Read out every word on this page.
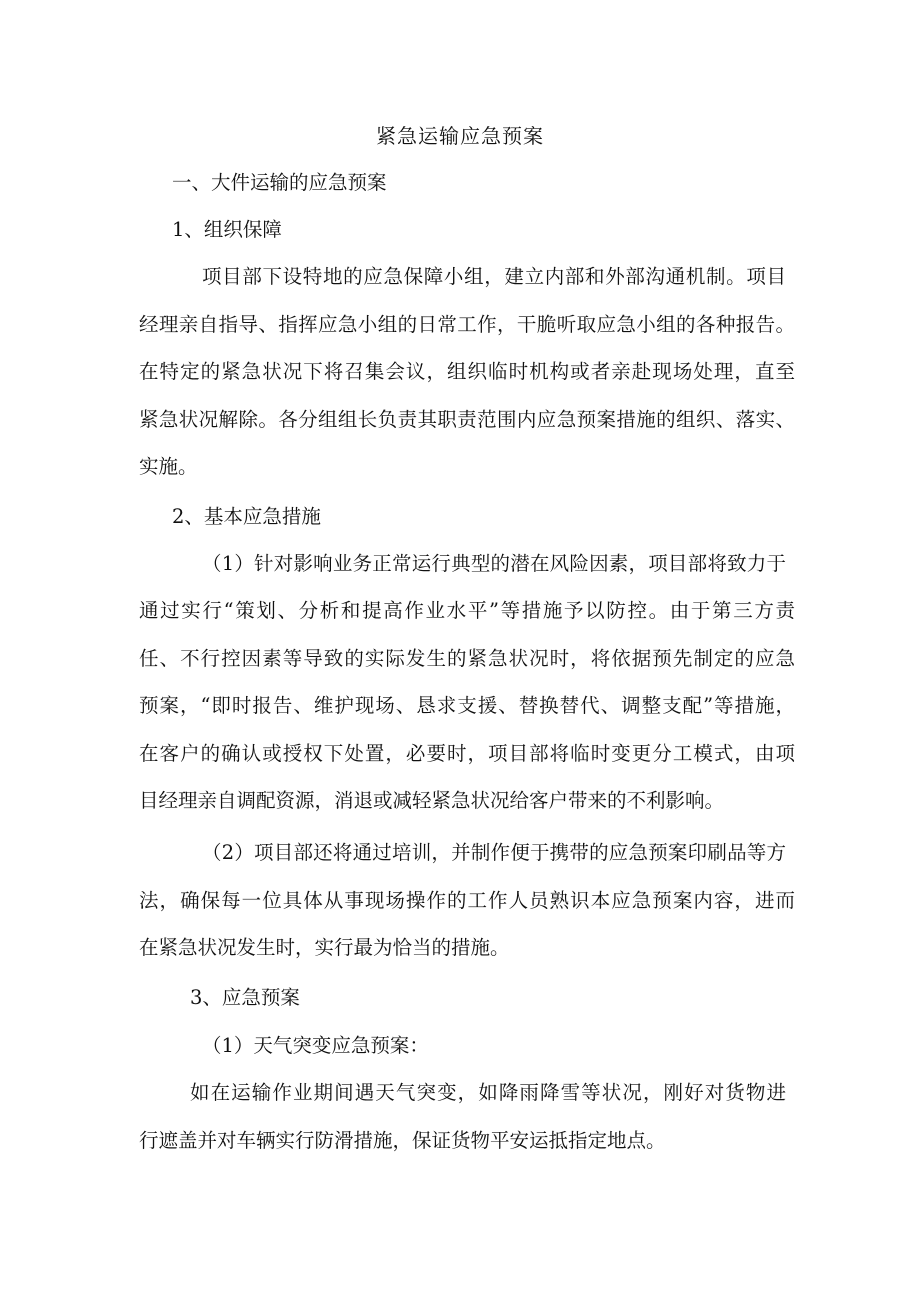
紧急运输应急预案
一、大件运输的应急预案
1、组织保障
项目部下设特地的应急保障小组，建立内部和外部沟通机制。项目
经理亲自指导、指挥应急小组的日常工作，干脆听取应急小组的各种报告。
在特定的紧急状况下将召集会议，组织临时机构或者亲赴现场处理，直至
紧急状况解除。各分组组长负责其职责范围内应急预案措施的组织、落实、
实施。
2、基本应急措施
（1）针对影响业务正常运行典型的潜在风险因素，项目部将致力于
通过实行“策划、分析和提高作业水平”等措施予以防控。由于第三方责
任、不行控因素等导致的实际发生的紧急状况时，将依据预先制定的应急
预案，“即时报告、维护现场、恳求支援、替换替代、调整支配”等措施，
在客户的确认或授权下处置，必要时，项目部将临时变更分工模式，由项
目经理亲自调配资源，消退或减轻紧急状况给客户带来的不利影响。
（2）项目部还将通过培训，并制作便于携带的应急预案印刷品等方
法，确保每一位具体从事现场操作的工作人员熟识本应急预案内容，进而
在紧急状况发生时，实行最为恰当的措施。
3、应急预案
（1）天气突变应急预案：
如在运输作业期间遇天气突变，如降雨降雪等状况，刚好对货物进
行遮盖并对车辆实行防滑措施，保证货物平安运抵指定地点。
